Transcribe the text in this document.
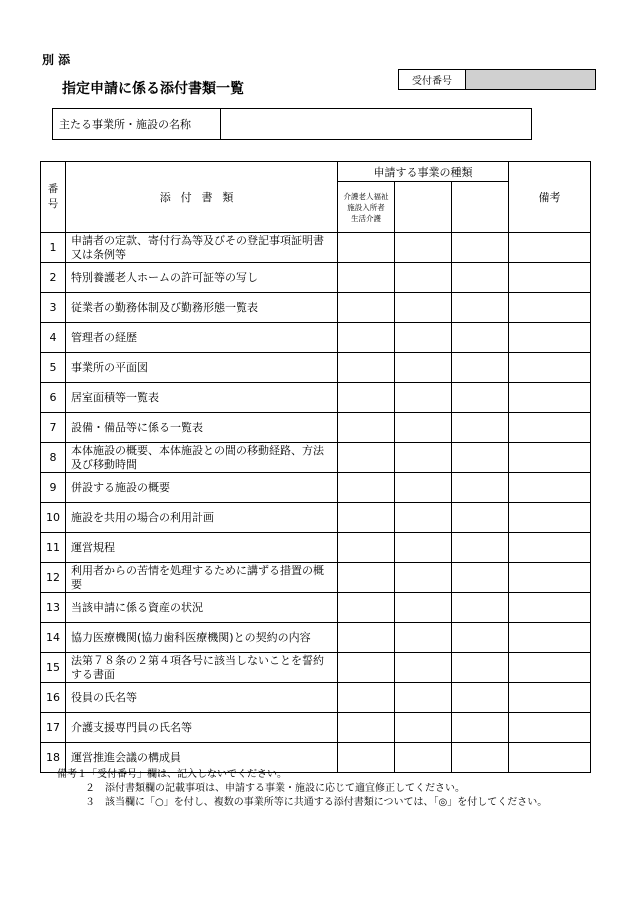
別 添
指定申請に係る添付書類一覧	受付番号
主たる事業所・施設の名称
番
号	添付書類	申請する事業の種類			備考

		介護老人福祉
施設入所者
生活介護			

1	申請者の定款、寄付行為等及びその登記事項証明書又は条例等				
2	特別養護老人ホームの許可証等の写し				
3	従業者の勤務体制及び勤務形態一覧表				
4	管理者の経歴				
5	事業所の平面図				
6	居室面積等一覧表				
7	設備・備品等に係る一覧表				
8	本体施設の概要、本体施設との間の移動経路、方法及び移動時間				
9	併設する施設の概要				
10	施設を共用の場合の利用計画				
11	運営規程				
12	利用者からの苦情を処理するために講ずる措置の概要				
13	当該申請に係る資産の状況				
14	協力医療機関(協力歯科医療機関)との契約の内容				
15	法第７８条の２第４項各号に該当しないことを誓約する書面				
16	役員の氏名等				
17	介護支援専門員の氏名等				
18	運営推進会議の構成員				
備考１「受付番号」欄は、記入しないでください。
２　添付書類欄の記載事項は、申請する事業・施設に応じて適宜修正してください。
３　該当欄に「○」を付し、複数の事業所等に共通する添付書類については、「◎」を付してください。
